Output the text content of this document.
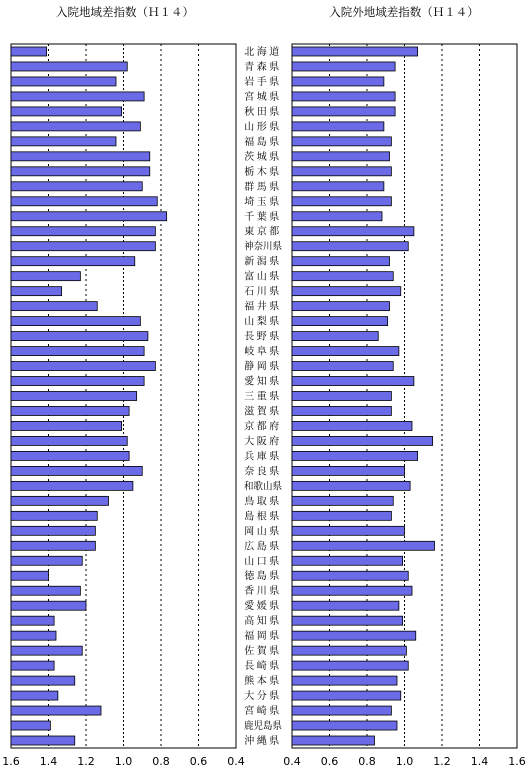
入院地域差指数（Ｈ１４）	入院外地域差指数（Ｈ１４）
1.6 1.4 1.2 1.0 0.8 0.6 0.4	0.4 0.6 0.8 1.0 1.2 1.4 1.6
北海道
青森県
岩手県
宮城県
秋田県
山形県
福島県
茨城県
栃木県
群馬県
埼玉県
千葉県
東京都
神奈川県
新潟県
富山県
石川県
福井県
山梨県
長野県
岐阜県
静岡県
愛知県
三重県
滋賀県
京都府
大阪府
兵庫県
奈良県
和歌山県
鳥取県
島根県
岡山県
広島県
山口県
徳島県
香川県
愛媛県
高知県
福岡県
佐賀県
長崎県
熊本県
大分県
宮崎県
鹿児島県
沖縄県
